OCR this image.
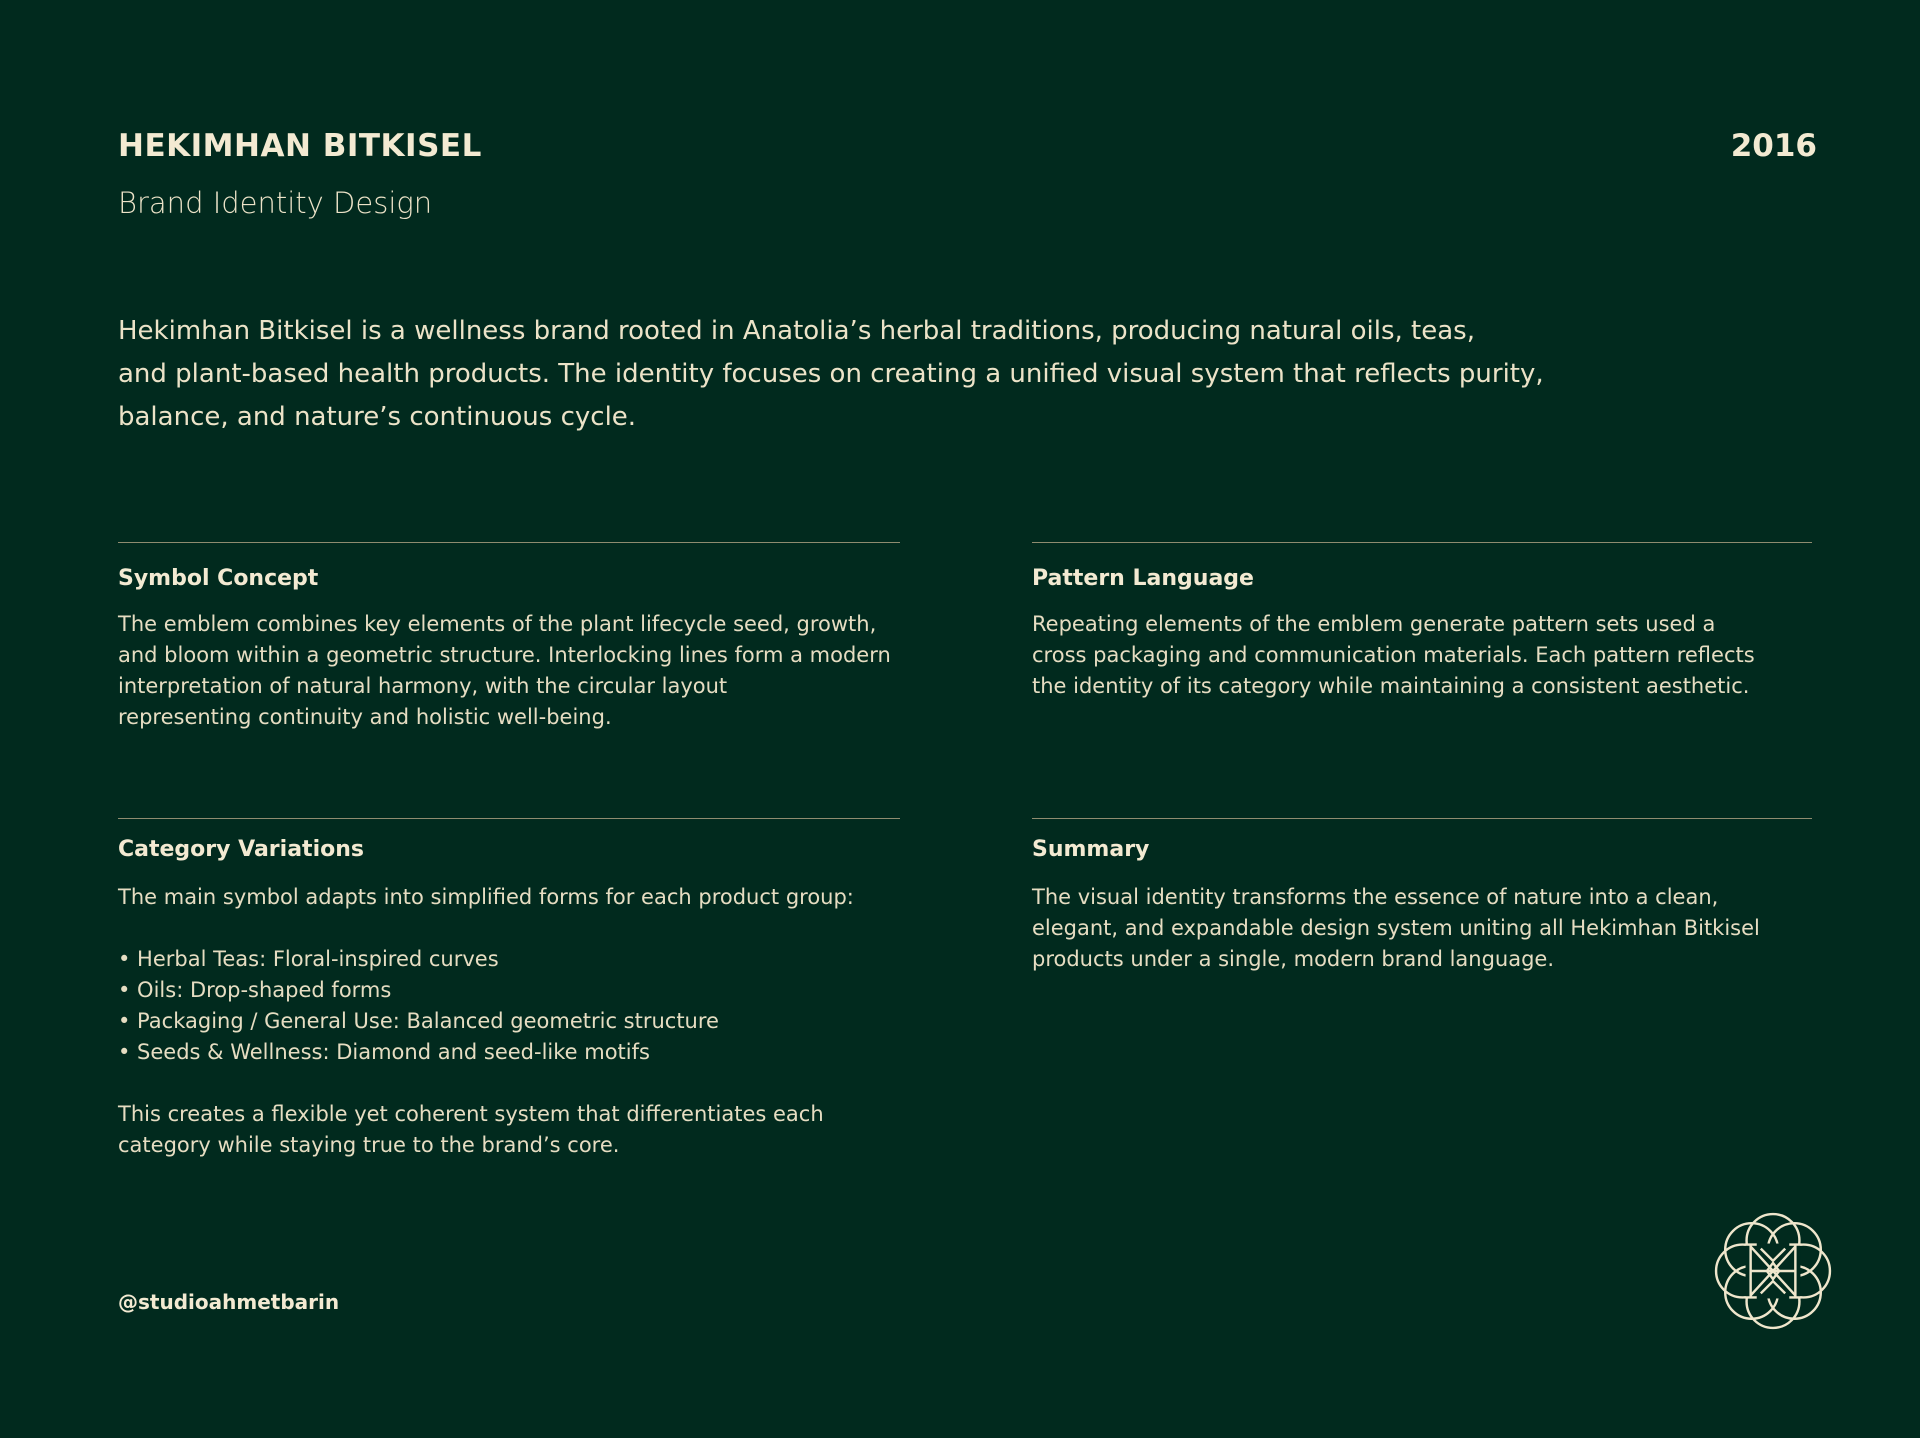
HEKIMHAN BITKISEL	2016
Brand Identity Design

Hekimhan Bitkisel is a wellness brand rooted in Anatolia’s herbal traditions, producing natural oils, teas,

and plant-based health products. The identity focuses on creating a unified visual system that reflects purity,

balance, and nature’s continuous cycle.

Symbol Concept

The emblem combines key elements of the plant lifecycle seed, growth,

and bloom within a geometric structure. Interlocking lines form a modern

interpretation of natural harmony, with the circular layout

representing continuity and holistic well-being.

Pattern Language

Repeating elements of the emblem generate pattern sets used a

cross packaging and communication materials. Each pattern reflects

the identity of its category while maintaining a consistent aesthetic.

Category Variations

The main symbol adapts into simplified forms for each product group:

• Herbal Teas: Floral-inspired curves

• Oils: Drop-shaped forms

• Packaging / General Use: Balanced geometric structure

• Seeds & Wellness: Diamond and seed-like motifs

This creates a flexible yet coherent system that differentiates each

category while staying true to the brand’s core.

Summary

The visual identity transforms the essence of nature into a clean,

elegant, and expandable design system uniting all Hekimhan Bitkisel

products under a single, modern brand language.

@studioahmetbarin
